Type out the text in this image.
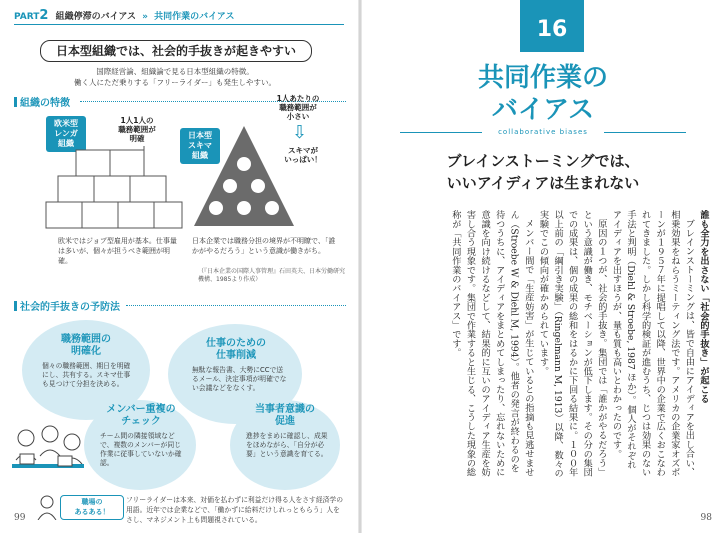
PART2 組織停滞のバイアス » 共同作業のバイアス
日本型組織では、社会的手抜きが起きやすい
国際経営論、組織論で見る日本型組織の特徴。
働く人にただ乗りする「フリーライダー」も発生しやすい。
組織の特徴
欧米型
レンガ
組織
1人1人の
職務範囲が
明確
欧米ではジョブ型雇用が基本。仕事量は多いが、個々が担うべき範囲が明確。
日本型
スキマ
組織
1人あたりの
職務範囲が
小さい
⇩
スキマが
いっぱい！
日本企業では職務分担の境界が不明瞭で、「誰かがやるだろう」という意識が働きがち。
（『日本企業の国際人事管理』石田英夫、日本労働研究機構、1985より作成）
社会的手抜きの予防法
職務範囲の
明確化
個々の職務範囲、期日を明確にし、共有する。スキマ仕事も見つけて分担を決める。
仕事のための
仕事削減
無駄な報告書、大勢にCCで送るメール、決定事項が明確でない会議などをなくす。
メンバー重複の
チェック
チーム間の隣接領域などで、複数のメンバーが同じ作業に従事していないか確認。
当事者意識の
促進
進捗をまめに確認し、成果をほめながら、「自分が必要」という意識を育てる。
職場の
あるある！
フリーライダーは本来、対価を払わずに利益だけ得る人をさす経済学の用語。近年では企業などで、「働かずに給料だけしれっともらう」人をさし、マネジメント上も問題視されている。
99
16
共同作業の
バイアス
collaborative biases
ブレインストーミングでは、
いいアイディアは生まれない

誰も全力を出さない「社会的手抜き」が起こる

ブレインストーミングは、皆で自由にアイディアを出し合い、相乗効果をねらうミーティング法です。アメリカの企業家オズボーンが１９５７年に提唱して以降、世界中の企業で広くおこなわれてきました。しかし科学的検証が進むうち、じつは効果のない手法と判明（Diehl & Stroebe, 1987 ほか）。個人がそれぞれアイディアを出すほうが、量も質も高いとわかったのです。

原因の１つが、社会的手抜き。集団では「誰かがやるだろう」という意識が働き、モチベーションが低下します。その分の集団での成果は、個の成果の総和をはるかに下回る結果に。１００年以上前の「綱引き実験」（Ringelmann M, 1913）以降、数々の実験でこの傾向が確かめられています。

メンバー間で「生産妨害」が生じているとの指摘も見逃せません（Stroebe W & Diehl M, 1994）。他者の発言が終わるのを待つうちに、アイディアをまとめてしまったり、忘れないために意識を向け続けるなどして、結果的に互いのアイディア生産を妨害し合う現象です。集団で作業すると生じる、こうした現象の総称が「共同作業のバイアス」です。

98
